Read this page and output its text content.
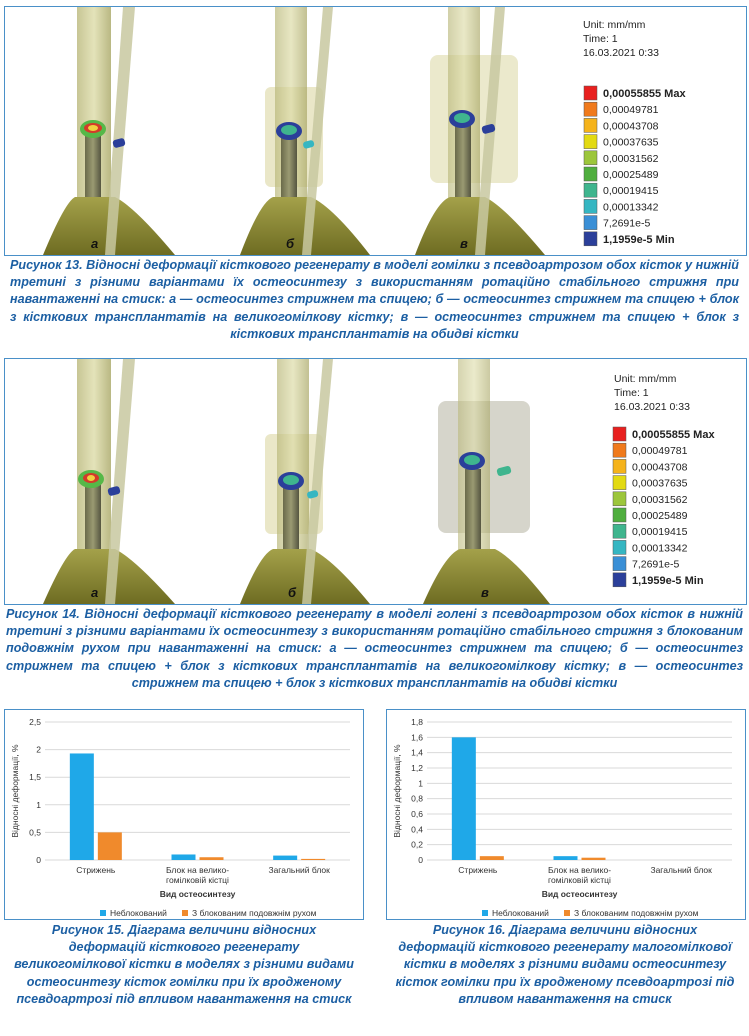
а	б	в
Unit: mm/mm
Time: 1
16.03.2021 0:33
0,00055855 Max
0,00049781
0,00043708
0,00037635
0,00031562
0,00025489
0,00019415
0,00013342
7,2691e-5
1,1959e-5 Min
Рисунок 13. Відносні деформації кісткового регенерату в моделі гомілки з псевдоартрозом обох кісток у нижній третині з різними варіантами їх остеосинтезу з використанням ротаційно стабільного стрижня при навантаженні на стиск: а — остеосинтез стрижнем та спицею; б — остеосинтез стрижнем та спицею + блок з кісткових трансплантатів на великогомілкову кістку; в — остеосинтез стрижнем та спицею + блок з кісткових трансплантатів на обидві кістки
а	б	в
Unit: mm/mm
Time: 1
16.03.2021 0:33
0,00055855 Max
0,00049781
0,00043708
0,00037635
0,00031562
0,00025489
0,00019415
0,00013342
7,2691e-5
1,1959e-5 Min
Рисунок 14. Відносні деформації кісткового регенерату в моделі голені з псевдоартрозом обох кісток в нижній третині з різними варіантами їх остеосинтезу з використанням ротаційно стабільного стрижня з блокованим подовжнім рухом при навантаженні на стиск: а — остеосинтез стрижнем та спицею; б — остеосинтез стрижнем та спицею + блок з кісткових трансплантатів на великогомілкову кістку; в — остеосинтез стрижнем та спицею + блок з кісткових трансплантатів на обидві кістки
0
0,5
1
1,5
2
2,5
Відносні деформації, %
Стрижень	Блок на велико-
гомілковій кістці
Загальний блок
Вид остеосинтезу
Неблокований	З блокованим подовжнім рухом
Рисунок 15. Діаграма величини відносних деформацій кісткового регенерату великогомілкової кістки в моделях з різними видами остеосинтезу кісток гомілки при їх вродженому псевдоартрозі під впливом навантаження на стиск
0
0,2
0,4
0,6
0,8
1
1,2
1,4
1,6
1,8
Відносні деформації, %
Стрижень	Блок на велико-
гомілковій кістці
Загальний блок
Вид остеосинтезу
Неблокований	З блокованим подовжнім рухом
Рисунок 16. Діаграма величини відносних деформацій кісткового регенерату малогомілкової кістки в моделях з різними видами остеосинтезу кісток гомілки при їх вродженому псевдоартрозі під впливом навантаження на стиск
